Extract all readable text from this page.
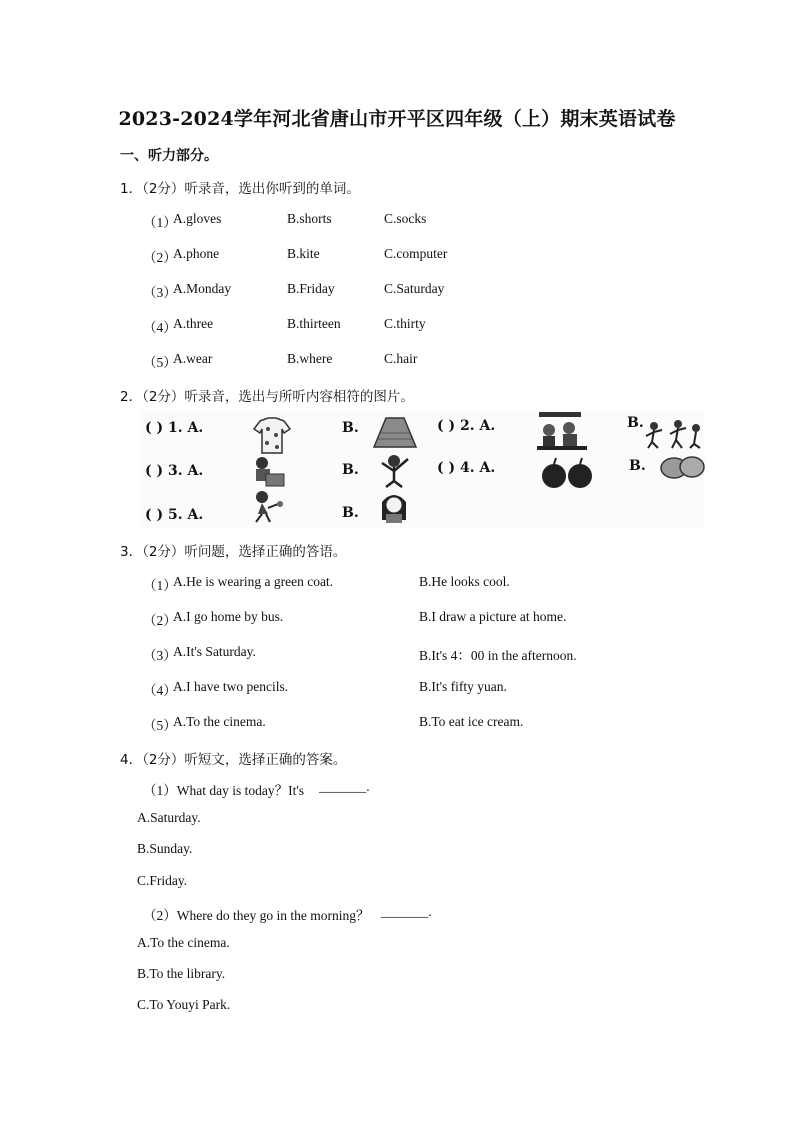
2023-2024学年河北省唐山市开平区四年级（上）期末英语试卷
一、听力部分。
1．（2分）听录音，选出你听到的单词。
（1）
A.gloves	B.shorts	C.socks
（2）
A.phone	B.kite	C.computer
（3）
A.Monday	B.Friday	C.Saturday
（4）
A.three	B.thirteen	C.thirty
（5）
A.wear	B.where	C.hair
2．（2分）听录音，选出与所听内容相符的图片。
( ) 1. A.	B.	( ) 2. A.	B.
( ) 3. A.	B.	( ) 4. A.	B.
( ) 5. A.	B.
3．（2分）听问题，选择正确的答语。
（1）
A.He is wearing a green coat.	B.He looks cool.
（2）
A.I go home by bus.	B.I draw a picture at home.
（3）
A.It's Saturday.	B.It's 4：00 in the afternoon.
（4）
A.I have two pencils.	B.It's fifty yuan.
（5）
A.To the cinema.	B.To eat ice cream.
4．（2分）听短文，选择正确的答案。
（1）What day is today？It's _______.
A.Saturday.
B.Sunday.
C.Friday.
（2）Where do they go in the morning？ _______.
A.To the cinema.
B.To the library.
C.To Youyi Park.
